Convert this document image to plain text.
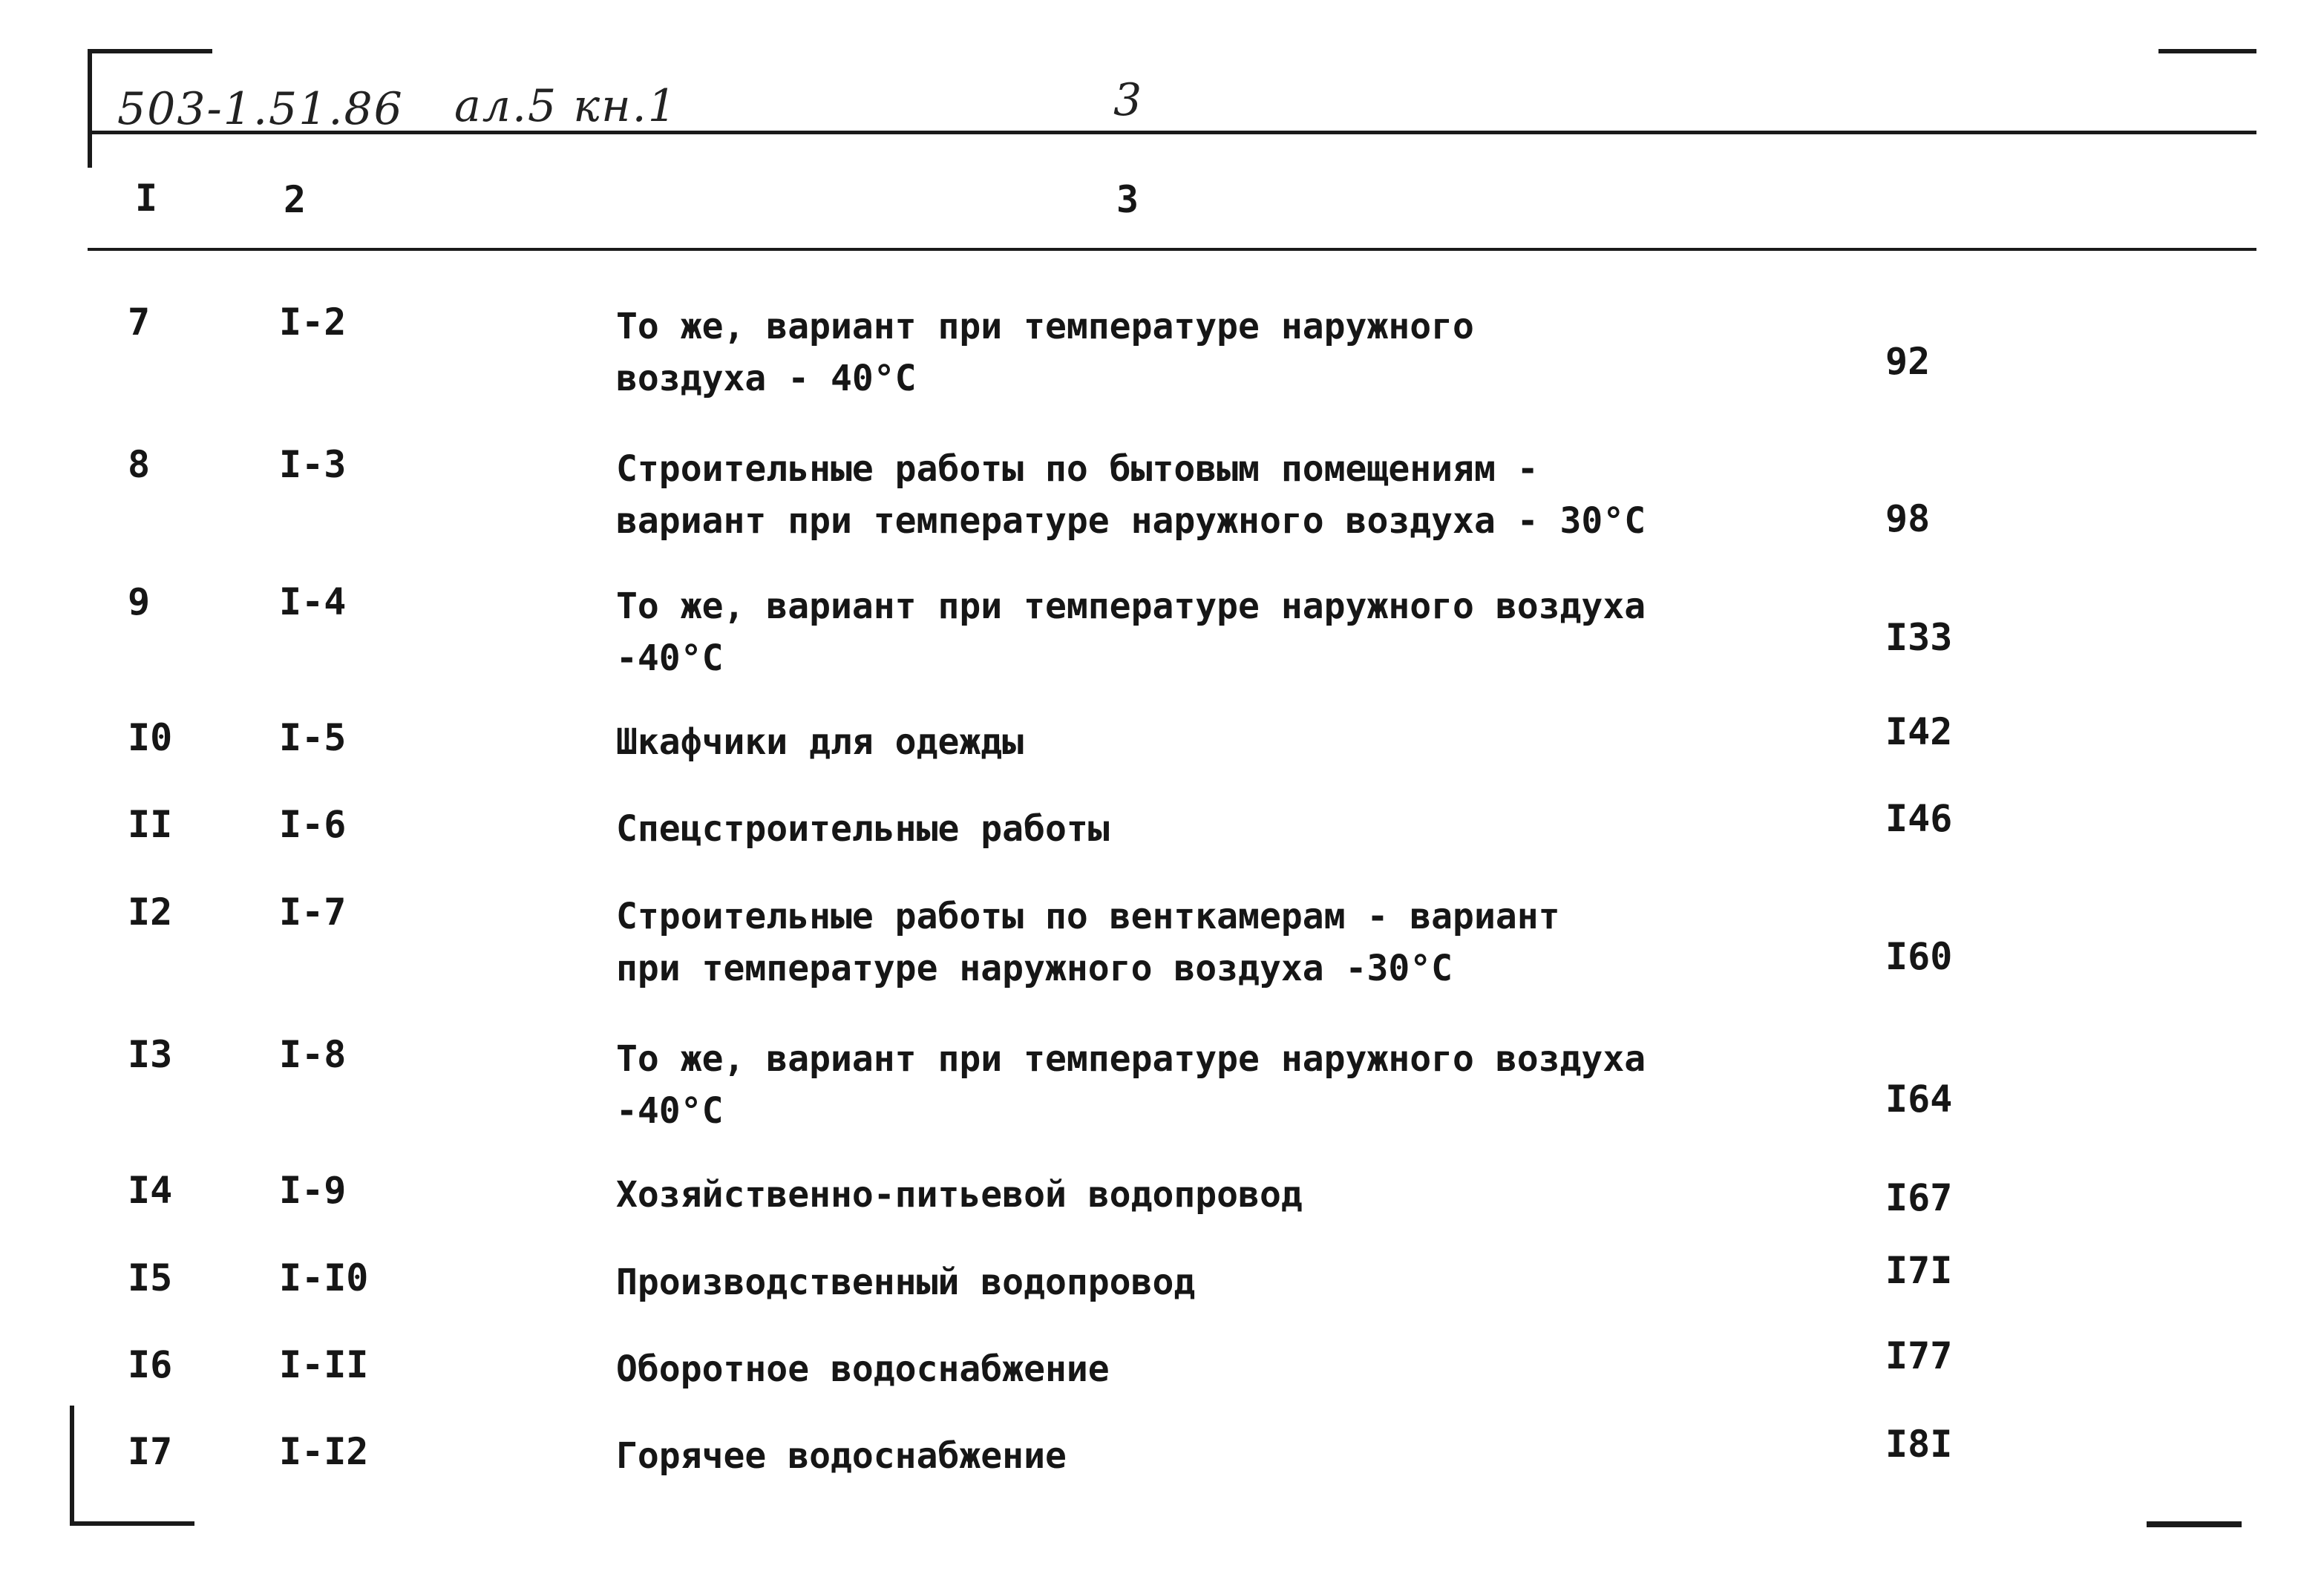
503-1.51.86 ал.5 кн.1	3
I	2	3
7	I-2	То же, вариант при температуре наружного
воздуха - 40°С	92
8	I-3	Строительные работы по бытовым помещениям -
вариант при температуре наружного воздуха - 30°С	98
9	I-4	То же, вариант при температуре наружного воздуха
-40°С	I33
I0	I-5	Шкафчики для одежды	I42
II	I-6	Спецстроительные работы	I46
I2	I-7	Строительные работы по венткамерам - вариант
при температуре наружного воздуха -30°С	I60
I3	I-8	То же, вариант при температуре наружного воздуха
-40°С	I64
I4	I-9	Хозяйственно-питьевой водопровод	I67
I5	I-I0	Производственный водопровод	I7I
I6	I-II	Оборотное водоснабжение	I77
I7	I-I2	Горячее водоснабжение	I8I
